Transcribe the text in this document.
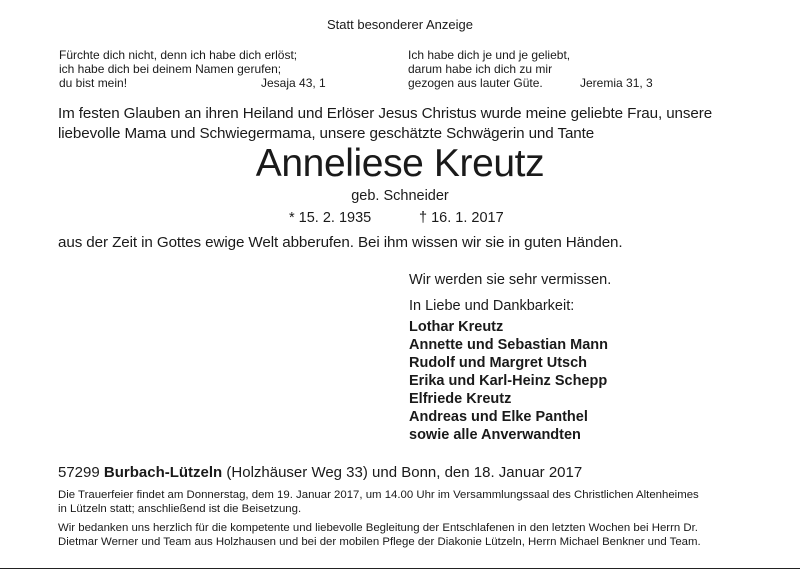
Statt besonderer Anzeige
Fürchte dich nicht, denn ich habe dich erlöst;
ich habe dich bei deinem Namen gerufen;
du bist mein!	Jesaja 43, 1
Ich habe dich je und je geliebt,
darum habe ich dich zu mir
gezogen aus lauter Güte.	Jeremia 31, 3
Im festen Glauben an ihren Heiland und Erlöser Jesus Christus wurde meine geliebte Frau, unsere
liebevolle Mama und Schwiegermama, unsere geschätzte Schwägerin und Tante
Anneliese Kreutz
geb. Schneider
* 15. 2. 1935	† 16. 1. 2017
aus der Zeit in Gottes ewige Welt abberufen. Bei ihm wissen wir sie in guten Händen.
Wir werden sie sehr vermissen.
In Liebe und Dankbarkeit:
Lothar Kreutz
Annette und Sebastian Mann
Rudolf und Margret Utsch
Erika und Karl-Heinz Schepp
Elfriede Kreutz
Andreas und Elke Panthel
sowie alle Anverwandten
57299 Burbach-Lützeln (Holzhäuser Weg 33) und Bonn, den 18. Januar 2017
Die Trauerfeier findet am Donnerstag, dem 19. Januar 2017, um 14.00 Uhr im Versammlungssaal des Christlichen Altenheimes
in Lützeln statt; anschließend ist die Beisetzung.
Wir bedanken uns herzlich für die kompetente und liebevolle Begleitung der Entschlafenen in den letzten Wochen bei Herrn Dr.
Dietmar Werner und Team aus Holzhausen und bei der mobilen Pflege der Diakonie Lützeln, Herrn Michael Benkner und Team.
